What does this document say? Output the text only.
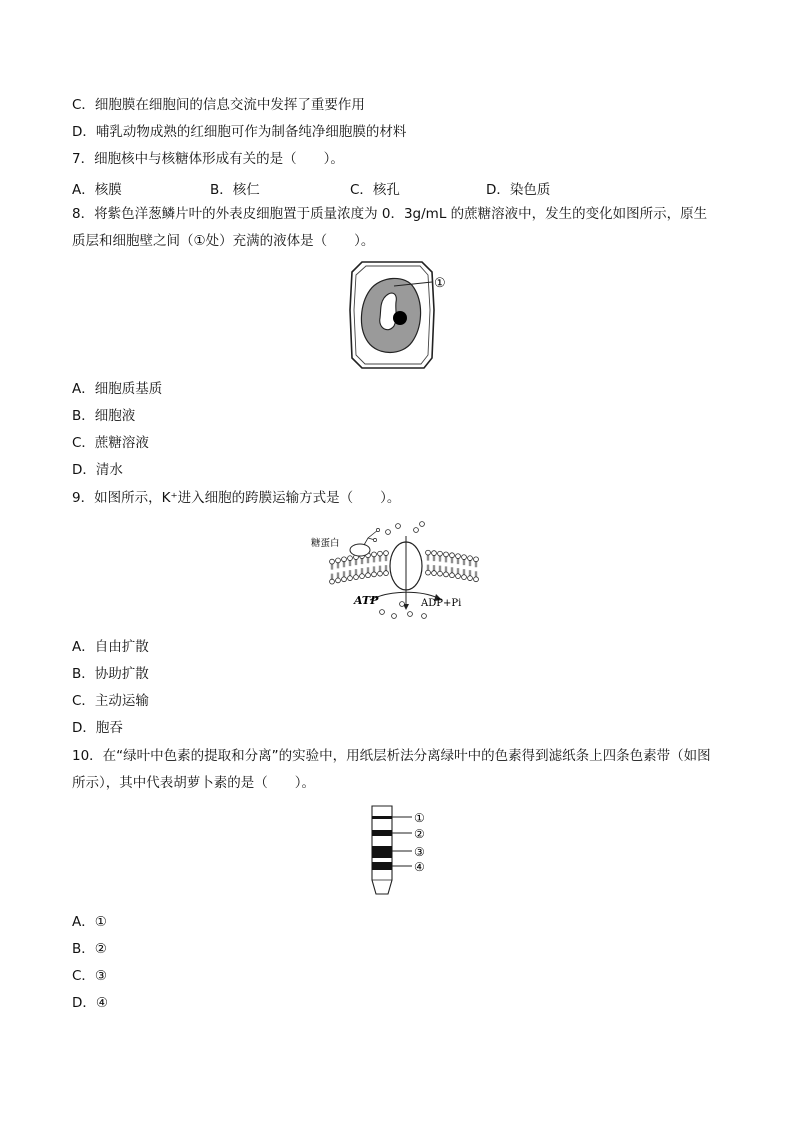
C．细胞膜在细胞间的信息交流中发挥了重要作用
D．哺乳动物成熟的红细胞可作为制备纯净细胞膜的材料
7．细胞核中与核糖体形成有关的是（　　）。
A．核膜	B．核仁	C．核孔	D．染色质
8．将紫色洋葱鳞片叶的外表皮细胞置于质量浓度为 0．3g/mL 的蔗糖溶液中，发生的变化如图所示，原生
质层和细胞壁之间（①处）充满的液体是（　　）。
①
A．细胞质基质
B．细胞液
C．蔗糖溶液
D．清水
9．如图所示，K⁺进入细胞的跨膜运输方式是（　　）。
糖蛋白
ATP	ADP+Pi
A．自由扩散
B．协助扩散
C．主动运输
D．胞吞
10．在“绿叶中色素的提取和分离”的实验中，用纸层析法分离绿叶中的色素得到滤纸条上四条色素带（如图
所示），其中代表胡萝卜素的是（　　）。
①
②
③
④
A．①
B．②
C．③
D．④
